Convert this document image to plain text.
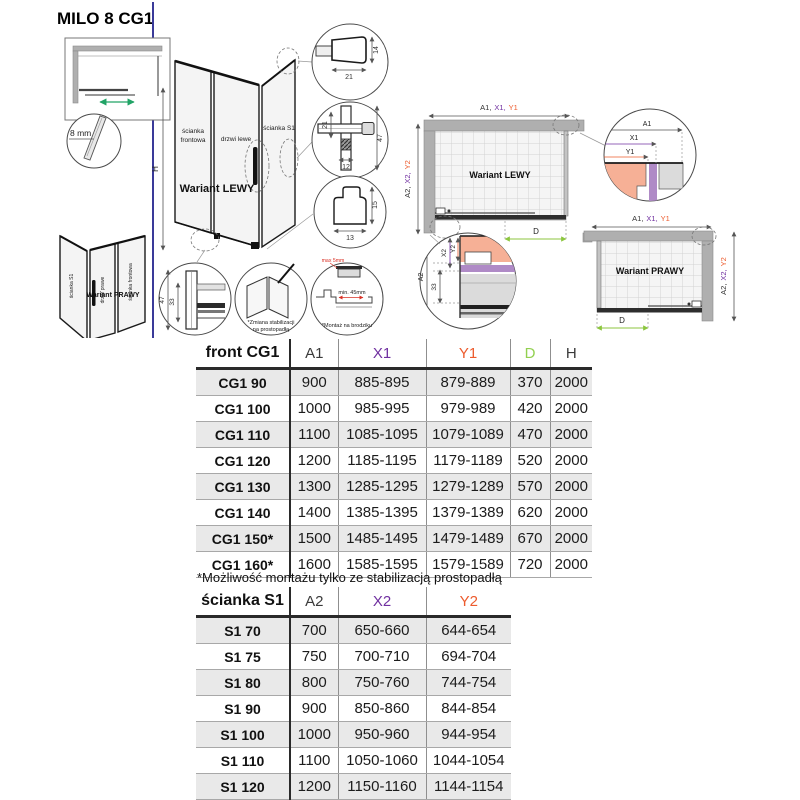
MILO 8 CG1
8 mm
ścianka S1	drzwi prawe	ścianka frontowa
Wariant PRAWY
H
ścianka
frontowa drzwi lewe
ścianka S1
Wariant LEWY
14
21
21
12
47
15
13
47 33
*Zmiana stabilizacji
na prostopadłą
max 5mm
min. 45mm
*Montaż na brodziku
A1, X1, Y1
A2,X2,Y2
Wariant LEWY
D
A1
X1
Y1
A1, X1, Y1
Wariant PRAWY
A2,X2,Y2
D
A2
33
X2
Y2
front CG1	A1	X1	Y1	D	H
CG1 90	900	885-895	879-889	370	2000
CG1 100	1000	985-995	979-989	420	2000
CG1 110	1100	1085-1095	1079-1089	470	2000
CG1 120	1200	1185-1195	1179-1189	520	2000
CG1 130	1300	1285-1295	1279-1289	570	2000
CG1 140	1400	1385-1395	1379-1389	620	2000
CG1 150*	1500	1485-1495	1479-1489	670	2000
CG1 160*	1600	1585-1595	1579-1589	720	2000
*Możliwość montażu tylko ze stabilizacją prostopadłą
ścianka S1	A2	X2	Y2
S1 70	700	650-660	644-654
S1 75	750	700-710	694-704
S1 80	800	750-760	744-754
S1 90	900	850-860	844-854
S1 100	1000	950-960	944-954
S1 110	1100	1050-1060	1044-1054
S1 120	1200	1150-1160	1144-1154
